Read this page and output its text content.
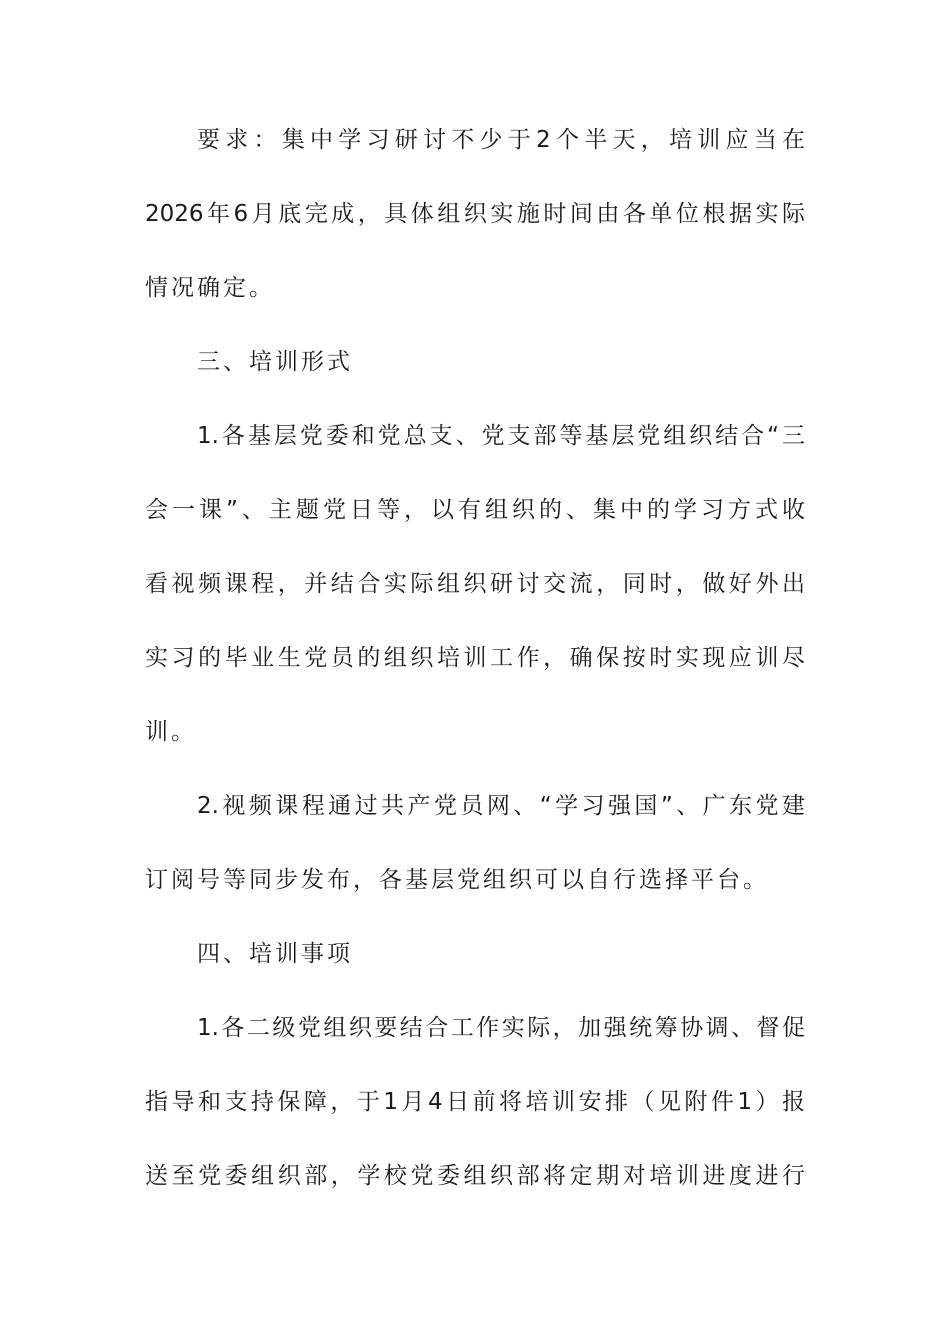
要求：集中学习研讨不少于2个半天，培训应当在
2026年6月底完成，具体组织实施时间由各单位根据实际
情况确定。
三、培训形式
1.各基层党委和党总支、党支部等基层党组织结合“三
会一课”、主题党日等，以有组织的、集中的学习方式收
看视频课程，并结合实际组织研讨交流，同时，做好外出
实习的毕业生党员的组织培训工作，确保按时实现应训尽
训。
2.视频课程通过共产党员网、“学习强国”、广东党建
订阅号等同步发布，各基层党组织可以自行选择平台。
四、培训事项
1.各二级党组织要结合工作实际，加强统筹协调、督促
指导和支持保障，于1月4日前将培训安排（见附件1）报
送至党委组织部，学校党委组织部将定期对培训进度进行
